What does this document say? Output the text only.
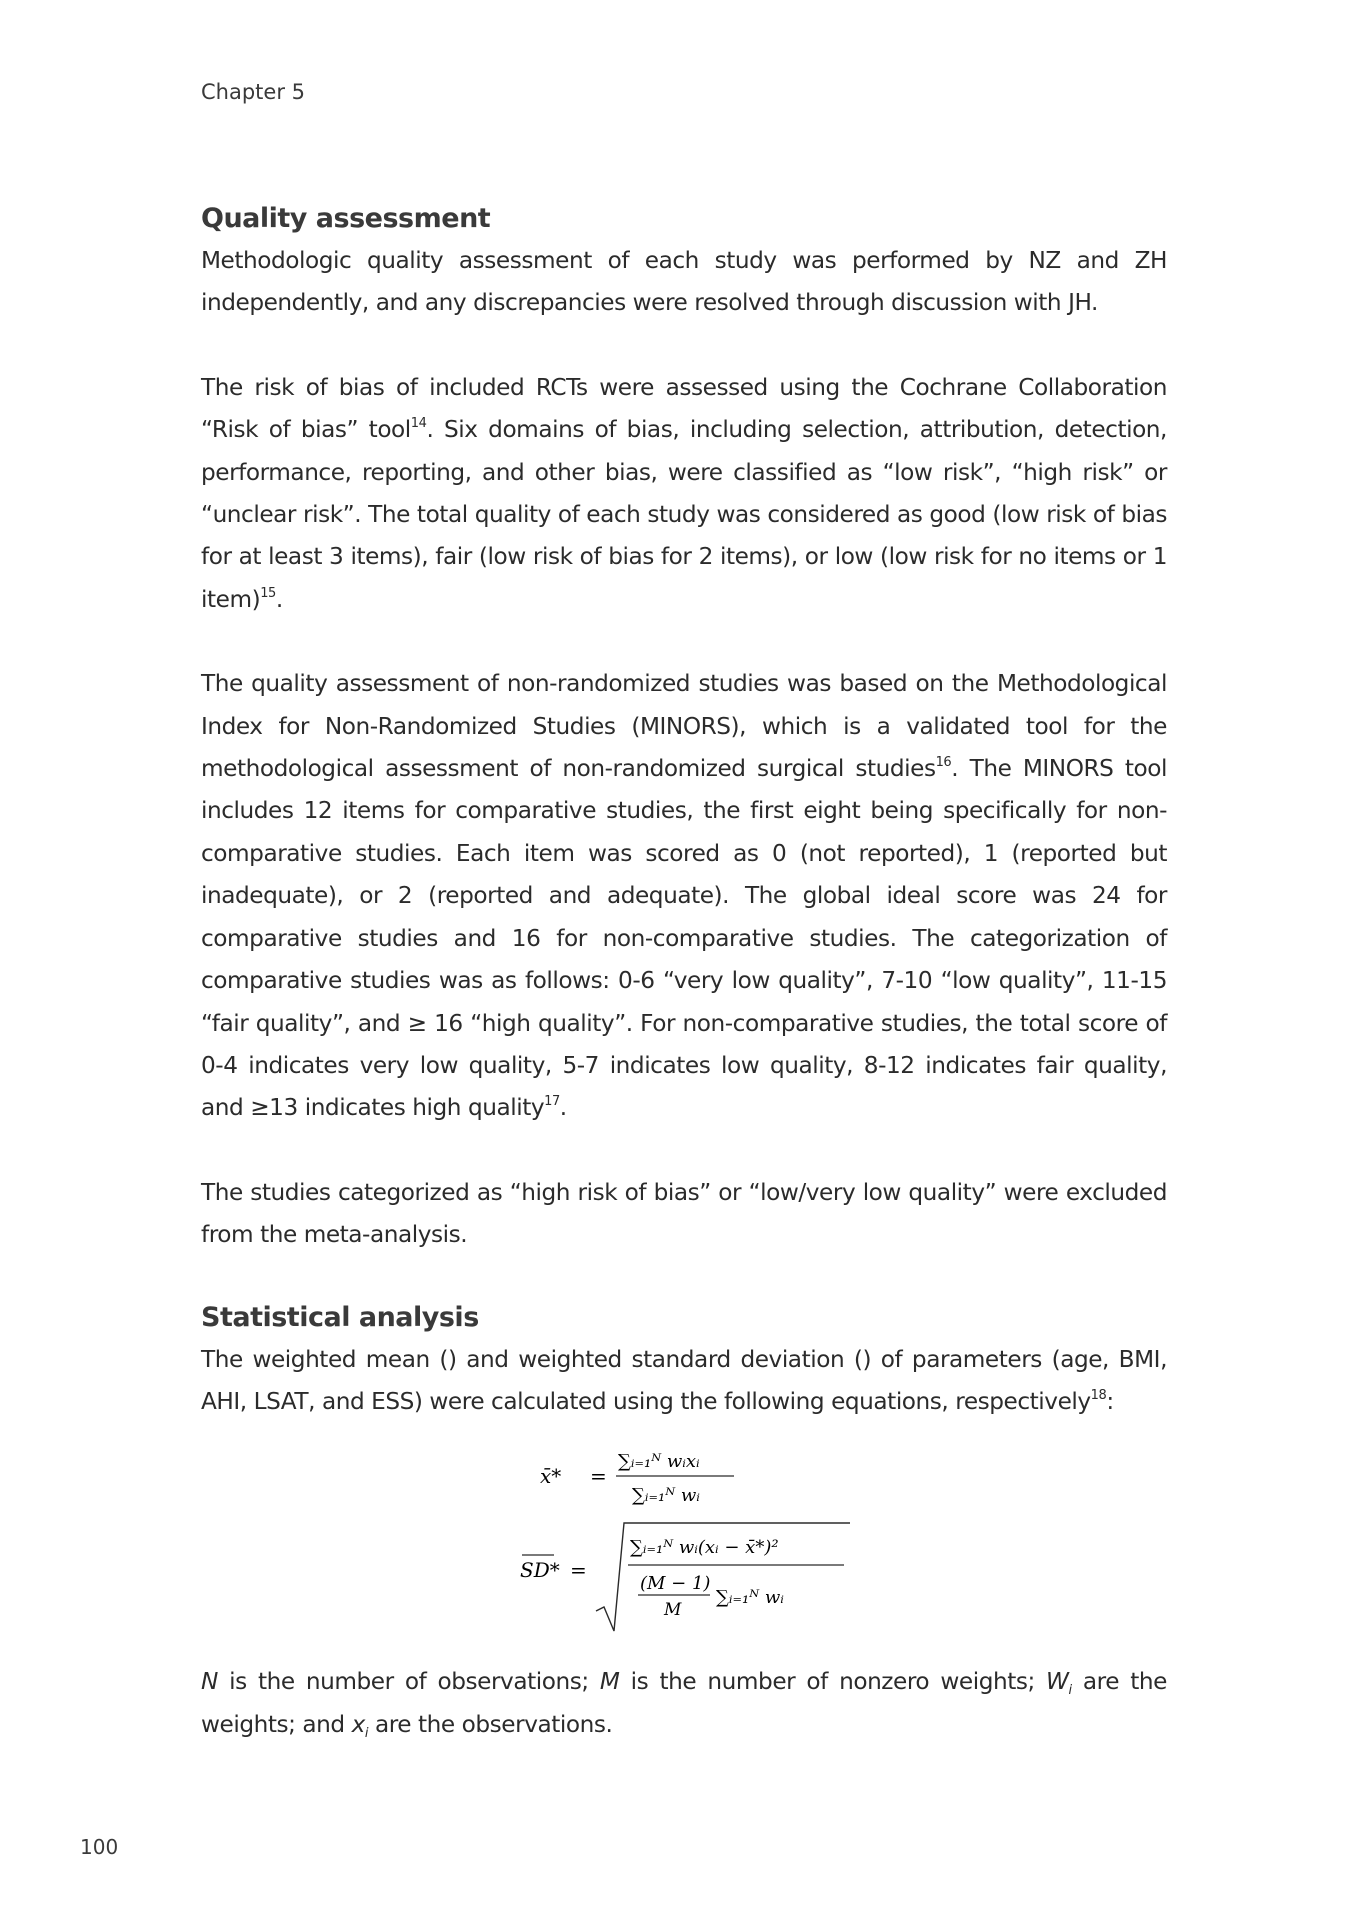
Chapter 5
Quality assessment

Methodologic quality assessment of each study was performed by NZ and ZH independently, and any discrepancies were resolved through discussion with JH.

The risk of bias of included RCTs were assessed using the Cochrane Collaboration “Risk of bias” tool$^{14}$. Six domains of bias, including selection, attribution, detection, performance, reporting, and other bias, were classified as “low risk”, “high risk” or “unclear risk”. The total quality of each study was considered as good (low risk of bias for at least 3 items), fair (low risk of bias for 2 items), or low (low risk for no items or 1 item)$^{15}$.

The quality assessment of non-randomized studies was based on the Methodological Index for Non-Randomized Studies (MINORS), which is a validated tool for the methodological assessment of non-randomized surgical studies$^{16}$. The MINORS tool includes 12 items for comparative studies, the first eight being specifically for non-comparative studies. Each item was scored as 0 (not reported), 1 (reported but inadequate), or 2 (reported and adequate). The global ideal score was 24 for comparative studies and 16 for non-comparative studies. The categorization of comparative studies was as follows: 0-6 “very low quality”, 7-10 “low quality”, 11-15 “fair quality”, and ≥ 16 “high quality”. For non-comparative studies, the total score of 0-4 indicates very low quality, 5-7 indicates low quality, 8-12 indicates fair quality, and ≥13 indicates high quality$^{17}$.

The studies categorized as “high risk of bias” or “low/very low quality” were excluded from the meta-analysis.

Statistical analysis

The weighted mean () and weighted standard deviation () of parameters (age, BMI, AHI, LSAT, and ESS) were calculated using the following equations, respectively$^{18}$:

x̄* =
∑ᵢ₌₁ᴺ wᵢxᵢ
∑ᵢ₌₁ᴺ wᵢ
SD* =
∑ᵢ₌₁ᴺ wᵢ(xᵢ − x̄*)²
(M − 1)
M
∑ᵢ₌₁ᴺ wᵢ

N is the number of observations; M is the number of nonzero weights; $W_i$ are the weights; and $x_i$ are the observations.

100
